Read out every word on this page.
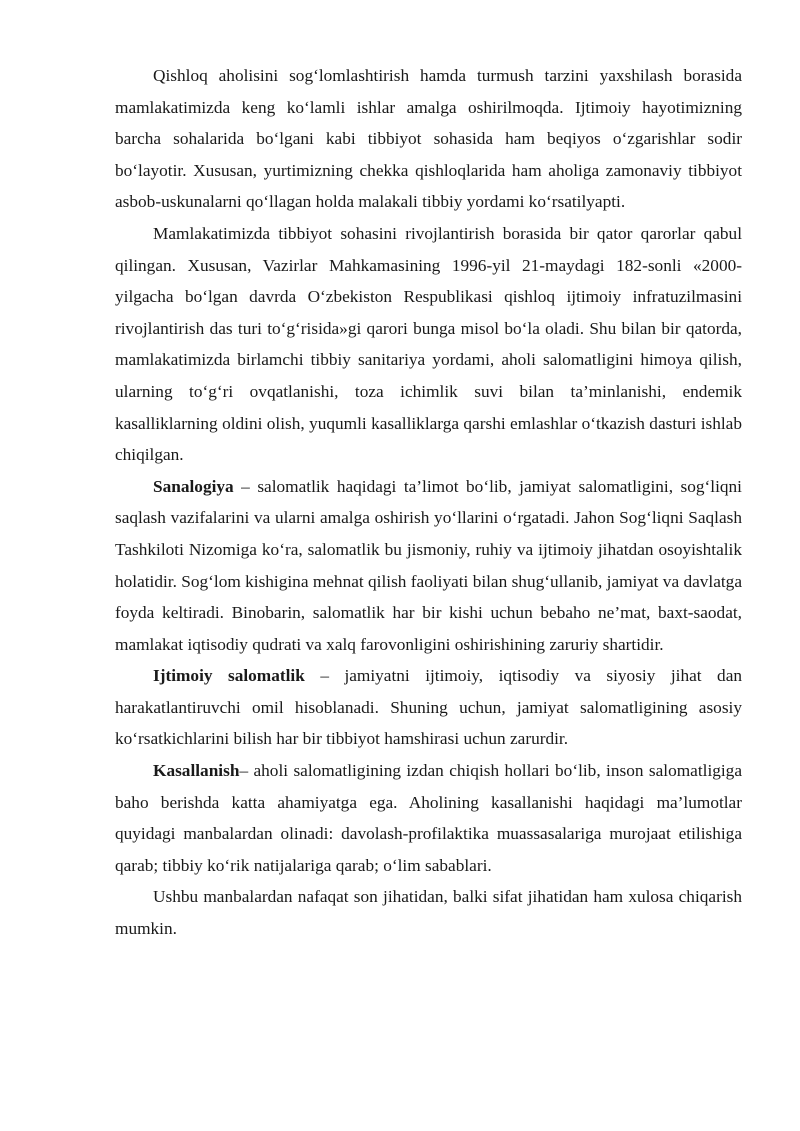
Qishloq aholisini sog‘lomlashtirish hamda turmush tarzini yaxshilash borasida mamlakatimizda keng ko‘lamli ishlar amalga oshirilmoqda. Ijtimoiy hayotimizning barcha sohalarida bo‘lgani kabi tibbiyot sohasida ham beqiyos o‘zgarishlar sodir bo‘layotir. Xususan, yurtimizning chekka qishloqlarida ham aholiga zamonaviy tibbiyot asbob-uskunalarni qo‘llagan holda malakali tibbiy yordami ko‘rsatilyapti.

Mamlakatimizda tibbiyot sohasini rivojlantirish borasida bir qator qarorlar qabul qilingan. Xususan, Vazirlar Mahkamasining 1996-yil 21-maydagi 182-sonli «2000-yilgacha bo‘lgan davrda O‘zbekiston Respublikasi qishloq ijtimoiy infratuzilmasini rivojlantirish das turi to‘g‘risida»gi qarori bunga misol bo‘la oladi. Shu bilan bir qatorda, mamlakatimizda birlamchi tibbiy sanitariya yordami, aholi salomatligini himoya qilish, ularning to‘g‘ri ovqatlanishi, toza ichimlik suvi bilan ta’minlanishi, endemik kasalliklarning oldini olish, yuqumli kasalliklarga qarshi emlashlar o‘tkazish dasturi ishlab chiqilgan.

Sanalogiya – salomatlik haqidagi ta’limot bo‘lib, jamiyat salomatligini, sog‘liqni saqlash vazifalarini va ularni amalga oshirish yo‘llarini o‘rgatadi. Jahon Sog‘liqni Saqlash Tashkiloti Nizomiga ko‘ra, salomatlik bu jismoniy, ruhiy va ijtimoiy jihatdan osoyishtalik holatidir. Sog‘lom kishigina mehnat qilish faoliyati bilan shug‘ullanib, jamiyat va davlatga foyda keltiradi. Binobarin, salomatlik har bir kishi uchun bebaho ne’mat, baxt-saodat, mamlakat iqtisodiy qudrati va xalq farovonligini oshirishining zaruriy shartidir.

Ijtimoiy salomatlik – jamiyatni ijtimoiy, iqtisodiy va siyosiy jihat dan harakatlantiruvchi omil hisoblanadi. Shuning uchun, jamiyat salomatligining asosiy ko‘rsatkichlarini bilish har bir tibbiyot hamshirasi uchun zarurdir.

Kasallanish– aholi salomatligining izdan chiqish hollari bo‘lib, inson salomatligiga baho berishda katta ahamiyatga ega. Aholining kasallanishi haqidagi ma’lumotlar quyidagi manbalardan olinadi: davolash-profilaktika muassasalariga murojaat etilishiga qarab; tibbiy ko‘rik natijalariga qarab; o‘lim sabablari.

Ushbu manbalardan nafaqat son jihatidan, balki sifat jihatidan ham xulosa chiqarish mumkin.
